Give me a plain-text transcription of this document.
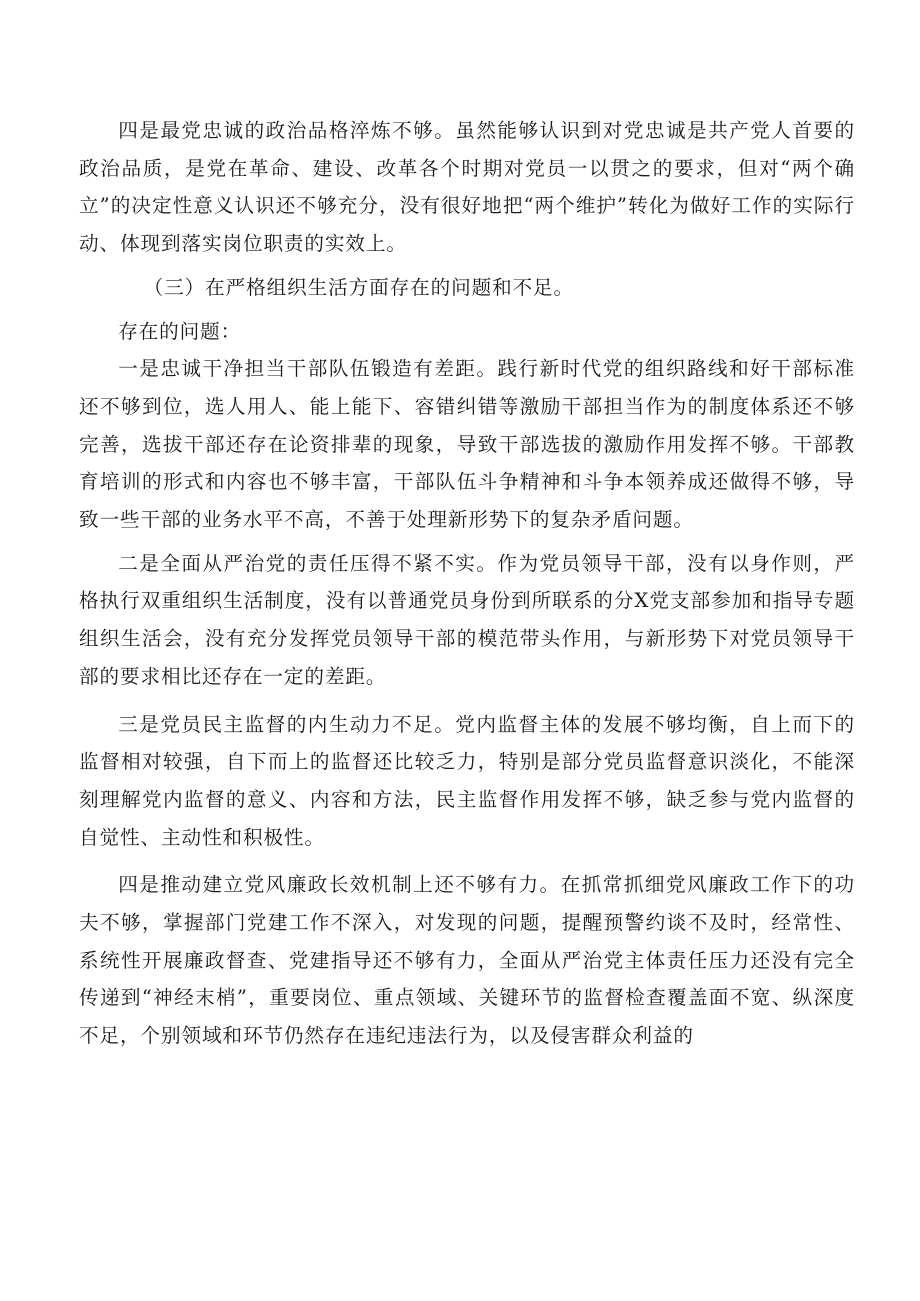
四是最党忠诚的政治品格淬炼不够。虽然能够认识到对党忠诚是共产党人首要的政治品质，是党在革命、建设、改革各个时期对党员一以贯之的要求，但对“两个确立”的决定性意义认识还不够充分，没有很好地把“两个维护”转化为做好工作的实际行动、体现到落实岗位职责的实效上。

（三）在严格组织生活方面存在的问题和不足。

存在的问题：

一是忠诚干净担当干部队伍锻造有差距。践行新时代党的组织路线和好干部标准还不够到位，选人用人、能上能下、容错纠错等激励干部担当作为的制度体系还不够完善，选拔干部还存在论资排辈的现象，导致干部选拔的激励作用发挥不够。干部教育培训的形式和内容也不够丰富，干部队伍斗争精神和斗争本领养成还做得不够，导致一些干部的业务水平不高，不善于处理新形势下的复杂矛盾问题。

二是全面从严治党的责任压得不紧不实。作为党员领导干部，没有以身作则，严格执行双重组织生活制度，没有以普通党员身份到所联系的分X党支部参加和指导专题组织生活会，没有充分发挥党员领导干部的模范带头作用，与新形势下对党员领导干部的要求相比还存在一定的差距。

三是党员民主监督的内生动力不足。党内监督主体的发展不够均衡，自上而下的监督相对较强，自下而上的监督还比较乏力，特别是部分党员监督意识淡化，不能深刻理解党内监督的意义、内容和方法，民主监督作用发挥不够，缺乏参与党内监督的自觉性、主动性和积极性。

四是推动建立党风廉政长效机制上还不够有力。在抓常抓细党风廉政工作下的功夫不够，掌握部门党建工作不深入，对发现的问题，提醒预警约谈不及时，经常性、系统性开展廉政督查、党建指导还不够有力，全面从严治党主体责任压力还没有完全传递到“神经末梢”，重要岗位、重点领域、关键环节的监督检查覆盖面不宽、纵深度不足，个别领域和环节仍然存在违纪违法行为，以及侵害群众利益的
